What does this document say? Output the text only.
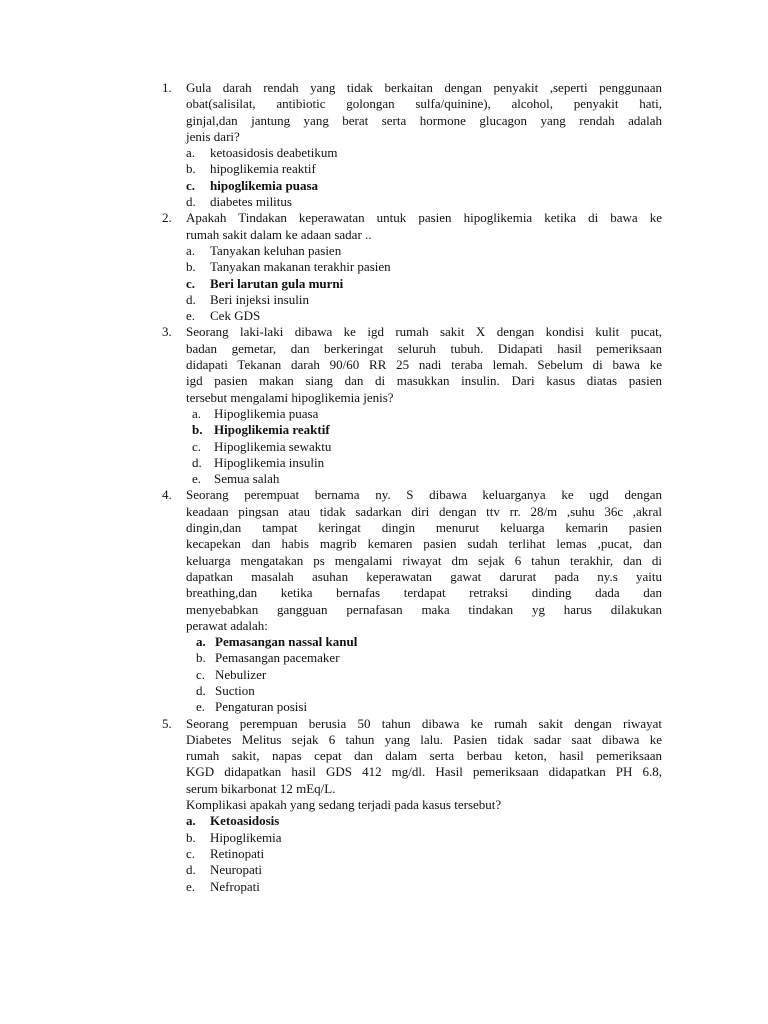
1. Gula darah rendah yang tidak berkaitan dengan penyakit ,seperti penggunaan
obat(salisilat, antibiotic golongan sulfa/quinine), alcohol, penyakit hati,
ginjal,dan jantung yang berat serta hormone glucagon yang rendah adalah
jenis dari?
a. ketoasidosis deabetikum
b. hipoglikemia reaktif
c. hipoglikemia puasa
d. diabetes militus
2. Apakah Tindakan keperawatan untuk pasien hipoglikemia ketika di bawa ke
rumah sakit dalam ke adaan sadar ..
a. Tanyakan keluhan pasien
b. Tanyakan makanan terakhir pasien
c. Beri larutan gula murni
d. Beri injeksi insulin
e. Cek GDS
3. Seorang laki-laki dibawa ke igd rumah sakit X dengan kondisi kulit pucat,
badan gemetar, dan berkeringat seluruh tubuh. Didapati hasil pemeriksaan
didapati Tekanan darah 90/60 RR 25 nadi teraba lemah. Sebelum di bawa ke
igd pasien makan siang dan di masukkan insulin. Dari kasus diatas pasien
tersebut mengalami hipoglikemia jenis?
a. Hipoglikemia puasa
b. Hipoglikemia reaktif
c. Hipoglikemia sewaktu
d. Hipoglikemia insulin
e. Semua salah
4. Seorang perempuat bernama ny. S dibawa keluarganya ke ugd dengan
keadaan pingsan atau tidak sadarkan diri dengan ttv rr. 28/m ,suhu 36c ,akral
dingin,dan tampat keringat dingin menurut keluarga kemarin pasien
kecapekan dan habis magrib kemaren pasien sudah terlihat lemas ,pucat, dan
keluarga mengatakan ps mengalami riwayat dm sejak 6 tahun terakhir, dan di
dapatkan masalah asuhan keperawatan gawat darurat pada ny.s yaitu
breathing,dan ketika bernafas terdapat retraksi dinding dada dan
menyebabkan gangguan pernafasan maka tindakan yg harus dilakukan
perawat adalah:
a. Pemasangan nassal kanul
b. Pemasangan pacemaker
c. Nebulizer
d. Suction
e. Pengaturan posisi
5. Seorang perempuan berusia 50 tahun dibawa ke rumah sakit dengan riwayat
Diabetes Melitus sejak 6 tahun yang lalu. Pasien tidak sadar saat dibawa ke
rumah sakit, napas cepat dan dalam serta berbau keton, hasil pemeriksaan
KGD didapatkan hasil GDS 412 mg/dl. Hasil pemeriksaan didapatkan PH 6.8,
serum bikarbonat 12 mEq/L.
Komplikasi apakah yang sedang terjadi pada kasus tersebut?
a. Ketoasidosis
b. Hipoglikemia
c. Retinopati
d. Neuropati
e. Nefropati
